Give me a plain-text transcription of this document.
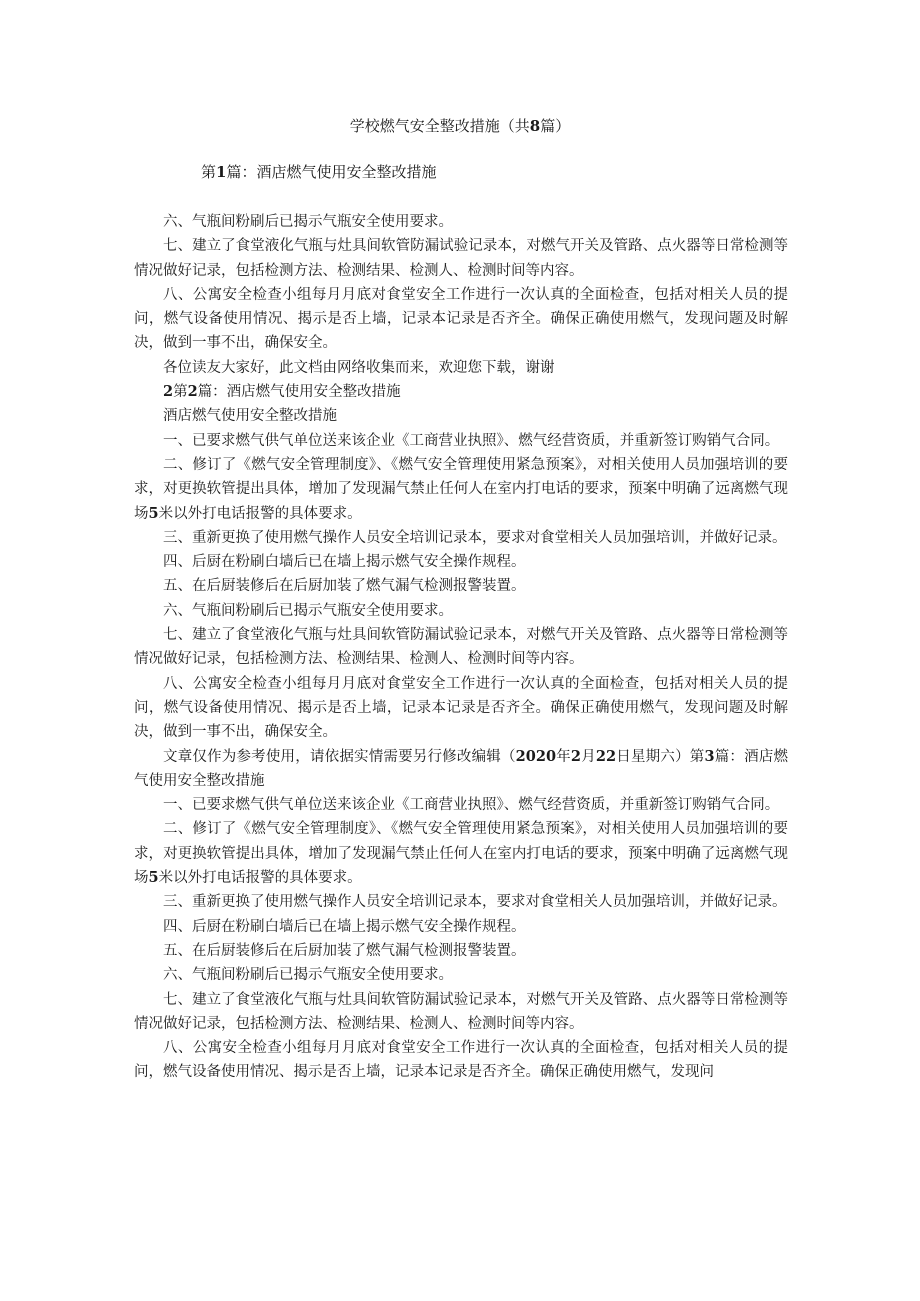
学校燃气安全整改措施（共8篇）
第1篇：酒店燃气使用安全整改措施

六、气瓶间粉刷后已揭示气瓶安全使用要求。

七、建立了食堂液化气瓶与灶具间软管防漏试验记录本，对燃气开关及管路、点火器等日常检测等情况做好记录，包括检测方法、检测结果、检测人、检测时间等内容。

八、公寓安全检查小组每月月底对食堂安全工作进行一次认真的全面检查，包括对相关人员的提问，燃气设备使用情况、揭示是否上墙，记录本记录是否齐全。确保正确使用燃气，发现问题及时解决，做到一事不出，确保安全。

各位读友大家好，此文档由网络收集而来，欢迎您下载，谢谢

2第2篇：酒店燃气使用安全整改措施

酒店燃气使用安全整改措施

一、已要求燃气供气单位送来该企业《工商营业执照》、燃气经营资质，并重新签订购销气合同。

二、修订了《燃气安全管理制度》、《燃气安全管理使用紧急预案》，对相关使用人员加强培训的要求，对更换软管提出具体，增加了发现漏气禁止任何人在室内打电话的要求，预案中明确了远离燃气现场5米以外打电话报警的具体要求。

三、重新更换了使用燃气操作人员安全培训记录本，要求对食堂相关人员加强培训，并做好记录。

四、后厨在粉刷白墙后已在墙上揭示燃气安全操作规程。

五、在后厨装修后在后厨加装了燃气漏气检测报警装置。

六、气瓶间粉刷后已揭示气瓶安全使用要求。

七、建立了食堂液化气瓶与灶具间软管防漏试验记录本，对燃气开关及管路、点火器等日常检测等情况做好记录，包括检测方法、检测结果、检测人、检测时间等内容。

八、公寓安全检查小组每月月底对食堂安全工作进行一次认真的全面检查，包括对相关人员的提问，燃气设备使用情况、揭示是否上墙，记录本记录是否齐全。确保正确使用燃气，发现问题及时解决，做到一事不出，确保安全。

文章仅作为参考使用，请依据实情需要另行修改编辑（2020年2月22日星期六）第3篇：酒店燃气使用安全整改措施

一、已要求燃气供气单位送来该企业《工商营业执照》、燃气经营资质，并重新签订购销气合同。

二、修订了《燃气安全管理制度》、《燃气安全管理使用紧急预案》，对相关使用人员加强培训的要求，对更换软管提出具体，增加了发现漏气禁止任何人在室内打电话的要求，预案中明确了远离燃气现场5米以外打电话报警的具体要求。

三、重新更换了使用燃气操作人员安全培训记录本，要求对食堂相关人员加强培训，并做好记录。

四、后厨在粉刷白墙后已在墙上揭示燃气安全操作规程。

五、在后厨装修后在后厨加装了燃气漏气检测报警装置。

六、气瓶间粉刷后已揭示气瓶安全使用要求。

七、建立了食堂液化气瓶与灶具间软管防漏试验记录本，对燃气开关及管路、点火器等日常检测等情况做好记录，包括检测方法、检测结果、检测人、检测时间等内容。

八、公寓安全检查小组每月月底对食堂安全工作进行一次认真的全面检查，包括对相关人员的提问，燃气设备使用情况、揭示是否上墙，记录本记录是否齐全。确保正确使用燃气，发现问
